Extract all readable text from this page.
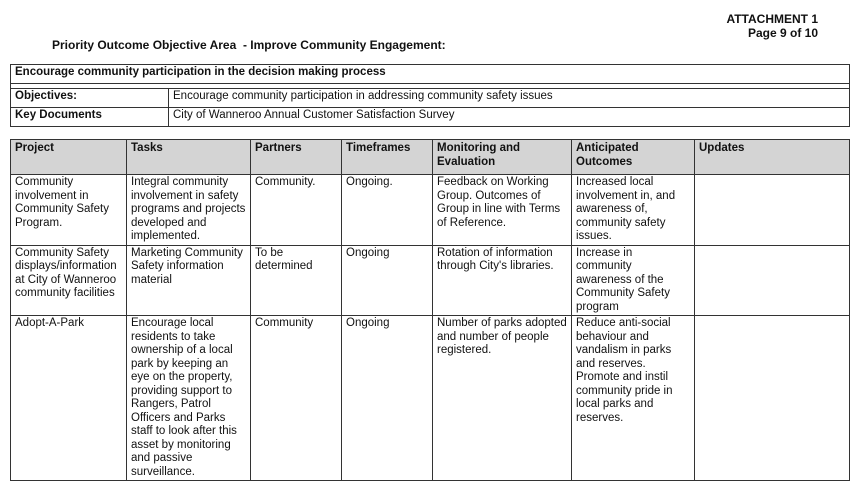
ATTACHMENT 1
Page 9 of 10
Priority Outcome Objective Area  - Improve Community Engagement:
Encourage community participation in the decision making process	

Objectives:	Encourage community participation in addressing community safety issues
Key Documents	City of Wanneroo Annual Customer Satisfaction Survey
Project	Tasks	Partners	Timeframes	Monitoring and Evaluation	Anticipated Outcomes	Updates
Community involvement in Community Safety Program.	Integral community involvement in safety programs and projects developed and implemented.	Community.	Ongoing.	Feedback on Working Group. Outcomes of Group in line with Terms of Reference.	Increased local involvement in, and awareness of, community safety issues.	
Community Safety displays/information at City of Wanneroo community facilities	Marketing Community Safety information material	To be determined	Ongoing	Rotation of information through City's libraries.	Increase in community awareness of the Community Safety program	
Adopt-A-Park	Encourage local residents to take ownership of a local park by keeping an eye on the property, providing support to Rangers, Patrol Officers and Parks staff to look after this asset by monitoring and passive surveillance.	Community	Ongoing	Number of parks adopted and number of people registered.	Reduce anti-social behaviour and vandalism in parks and reserves. Promote and instil community pride in local parks and reserves.	
